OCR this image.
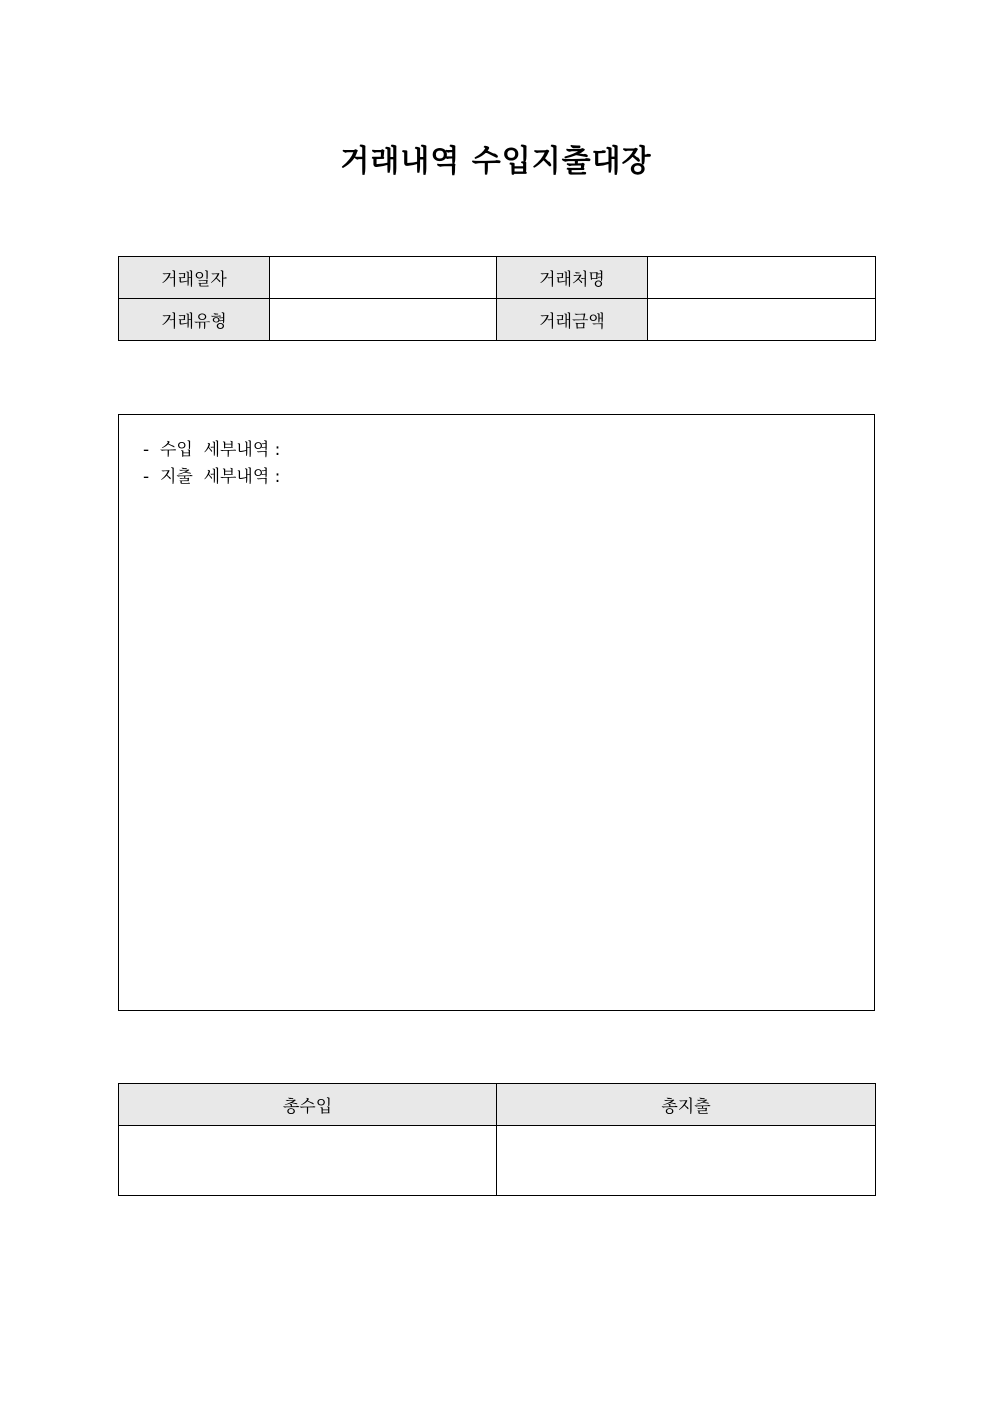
거래내역 수입지출대장
거래일자		거래처명	
거래유형		거래금액	
-  수입  세부내역 :
-  지출  세부내역 :
총수입	총지출
